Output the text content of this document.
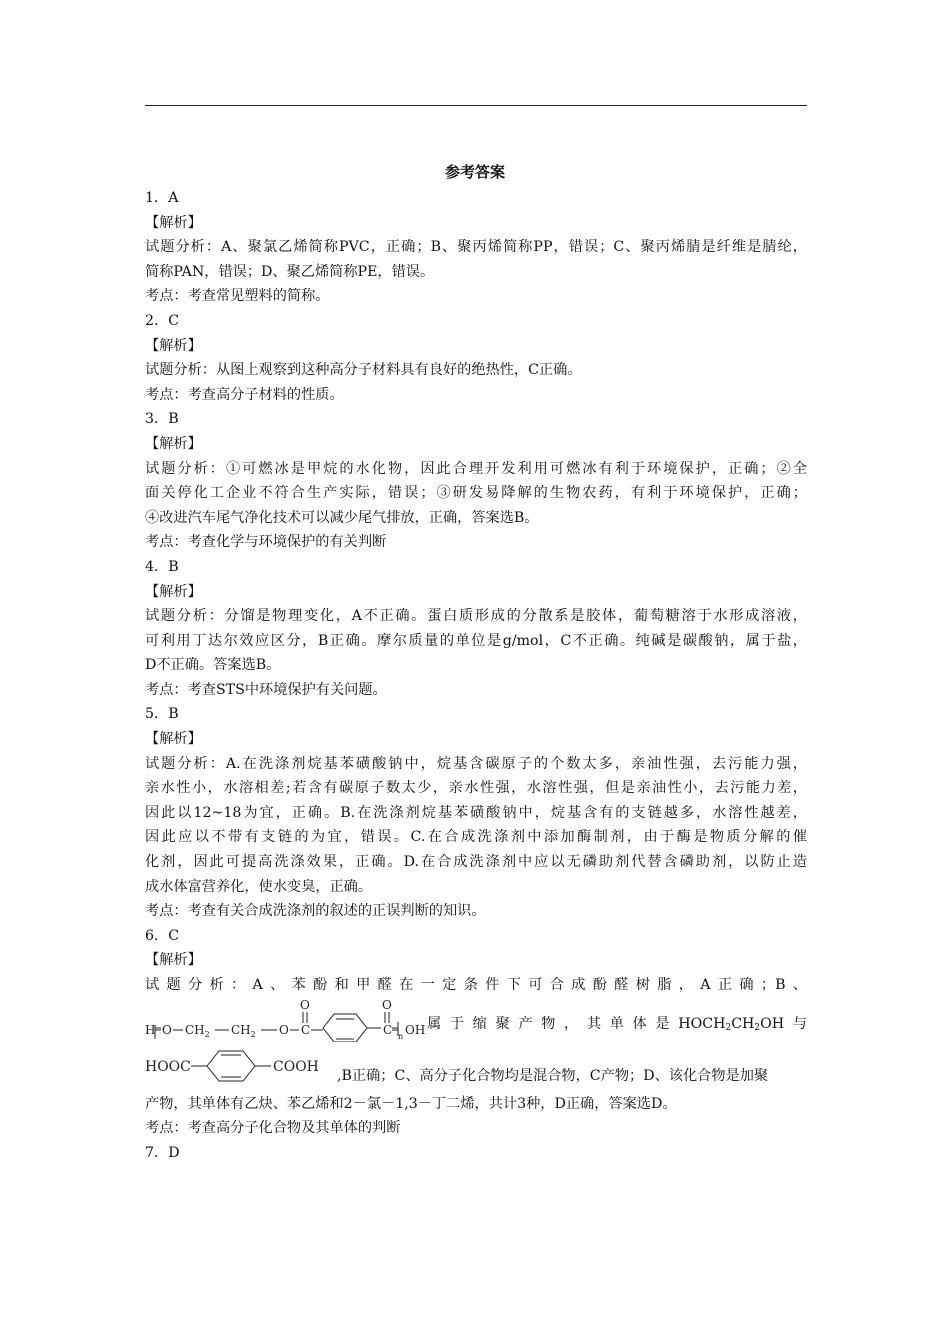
参考答案
1．A
【解析】
试题分析：A、聚氯乙烯简称PVC，正确；B、聚丙烯简称PP，错误；C、聚丙烯腈是纤维是腈纶，
简称PAN，错误；D、聚乙烯简称PE，错误。
考点：考查常见塑料的简称。
2．C
【解析】
试题分析：从图上观察到这种高分子材料具有良好的绝热性，C正确。
考点：考查高分子材料的性质。
3．B
【解析】
试题分析：①可燃冰是甲烷的水化物，因此合理开发利用可燃冰有利于环境保护，正确；②全
面关停化工企业不符合生产实际，错误；③研发易降解的生物农药，有利于环境保护，正确；
④改进汽车尾气净化技术可以减少尾气排放，正确，答案选B。
考点：考查化学与环境保护的有关判断
4．B
【解析】
试题分析：分馏是物理变化，A不正确。蛋白质形成的分散系是胶体，葡萄糖溶于水形成溶液，
可利用丁达尔效应区分，B正确。摩尔质量的单位是g/mol，C不正确。纯碱是碳酸钠，属于盐，
D不正确。答案选B。
考点：考查STS中环境保护有关问题。
5．B
【解析】
试题分析：A.在洗涤剂烷基苯磺酸钠中，烷基含碳原子的个数太多，亲油性强，去污能力强，
亲水性小，水溶相差;若含有碳原子数太少，亲水性强，水溶性强，但是亲油性小，去污能力差，
因此以12~18为宜，正确。B.在洗涤剂烷基苯磺酸钠中，烷基含有的支链越多，水溶性越差，
因此应以不带有支链的为宜，错误。C.在合成洗涤剂中添加酶制剂，由于酶是物质分解的催
化剂，因此可提高洗涤效果，正确。D.在合成洗涤剂中应以无磷助剂代替含磷助剂，以防止造
成水体富营养化，使水变臭，正确。
考点：考查有关合成洗涤剂的叙述的正误判断的知识。
6．C
【解析】
试题分析：A、苯酚和甲醛在一定条件下可合成酚醛树脂，A正确；B、
H O $CH_2$ $CH_2$ O C
O
C
O
n OH 属于缩聚产物，其单体是$HOCH_2CH_2OH$与
HOOC	COOH
,B正确；C、高分子化合物均是混合物，C产物；D、该化合物是加聚
产物，其单体有乙炔、苯乙烯和2－氯－1,3－丁二烯，共计3种，D正确，答案选D。
考点：考查高分子化合物及其单体的判断
7．D
